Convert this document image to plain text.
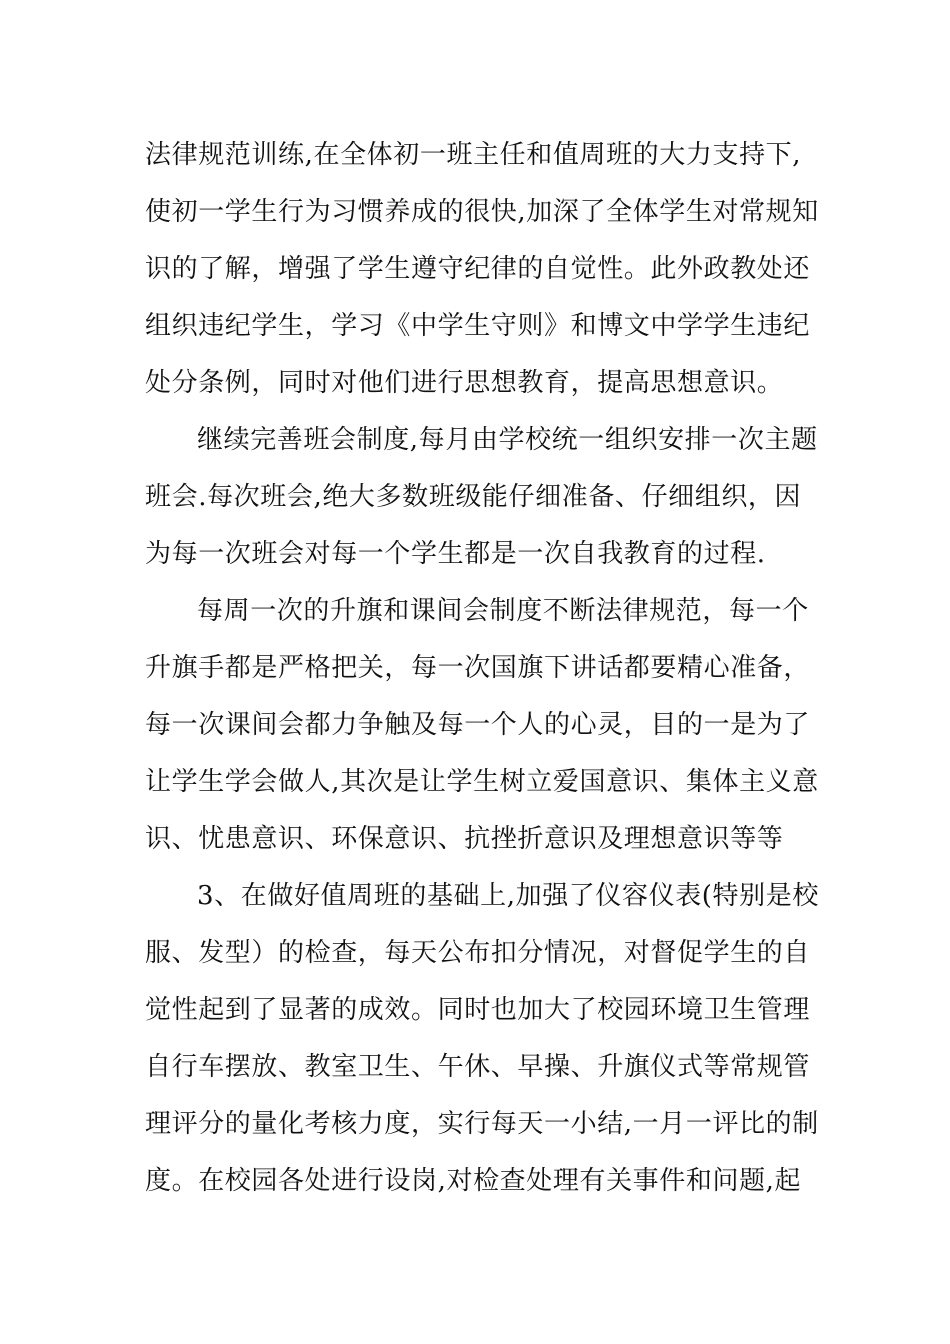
法律规范训练,在全体初一班主任和值周班的大力支持下,
使初一学生行为习惯养成的很快,加深了全体学生对常规知
识的了解，增强了学生遵守纪律的自觉性。此外政教处还
组织违纪学生，学习《中学生守则》和博文中学学生违纪
处分条例，同时对他们进行思想教育，提高思想意识。
继续完善班会制度,每月由学校统一组织安排一次主题
班会.每次班会,绝大多数班级能仔细准备、仔细组织，因
为每一次班会对每一个学生都是一次自我教育的过程.
每周一次的升旗和课间会制度不断法律规范，每一个
升旗手都是严格把关，每一次国旗下讲话都要精心准备，
每一次课间会都力争触及每一个人的心灵，目的一是为了
让学生学会做人,其次是让学生树立爱国意识、集体主义意
识、忧患意识、环保意识、抗挫折意识及理想意识等等
3、在做好值周班的基础上,加强了仪容仪表(特别是校
服、发型）的检查，每天公布扣分情况，对督促学生的自
觉性起到了显著的成效。同时也加大了校园环境卫生管理
自行车摆放、教室卫生、午休、早操、升旗仪式等常规管
理评分的量化考核力度，实行每天一小结,一月一评比的制
度。在校园各处进行设岗,对检查处理有关事件和问题,起
